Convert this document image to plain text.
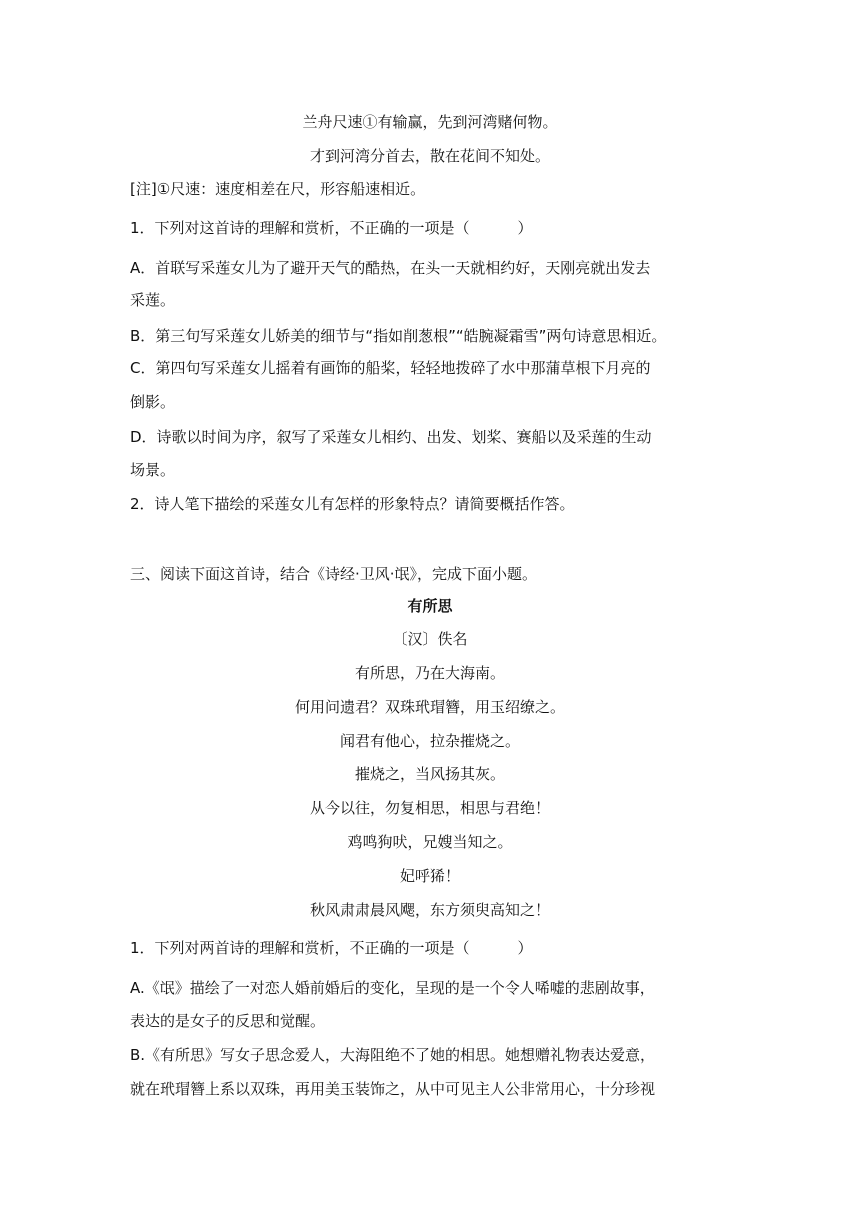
兰舟尺速①有输赢，先到河湾赌何物。
才到河湾分首去，散在花间不知处。
[注]①尺速：速度相差在尺，形容船速相近。
1．下列对这首诗的理解和赏析，不正确的一项是（	）
A．首联写采莲女儿为了避开天气的酷热，在头一天就相约好，天刚亮就出发去
采莲。
B．第三句写采莲女儿娇美的细节与“指如削葱根”“皓腕凝霜雪”两句诗意思相近。
C．第四句写采莲女儿摇着有画饰的船桨，轻轻地拨碎了水中那蒲草根下月亮的
倒影。
D．诗歌以时间为序，叙写了采莲女儿相约、出发、划桨、赛船以及采莲的生动
场景。
2．诗人笔下描绘的采莲女儿有怎样的形象特点？请简要概括作答。
三、阅读下面这首诗，结合《诗经·卫风·氓》，完成下面小题。
有所思
〔汉〕佚名
有所思，乃在大海南。
何用问遗君？双珠玳瑁簪，用玉绍缭之。
闻君有他心，拉杂摧烧之。
摧烧之，当风扬其灰。
从今以往，勿复相思，相思与君绝！
鸡鸣狗吠，兄嫂当知之。
妃呼狶！
秋风肃肃晨风飔，东方须臾高知之！
1．下列对两首诗的理解和赏析，不正确的一项是（	）
A.《氓》描绘了一对恋人婚前婚后的变化，呈现的是一个令人唏嘘的悲剧故事，
表达的是女子的反思和觉醒。
B.《有所思》写女子思念爱人，大海阻绝不了她的相思。她想赠礼物表达爱意，
就在玳瑁簪上系以双珠，再用美玉装饰之，从中可见主人公非常用心，十分珍视
